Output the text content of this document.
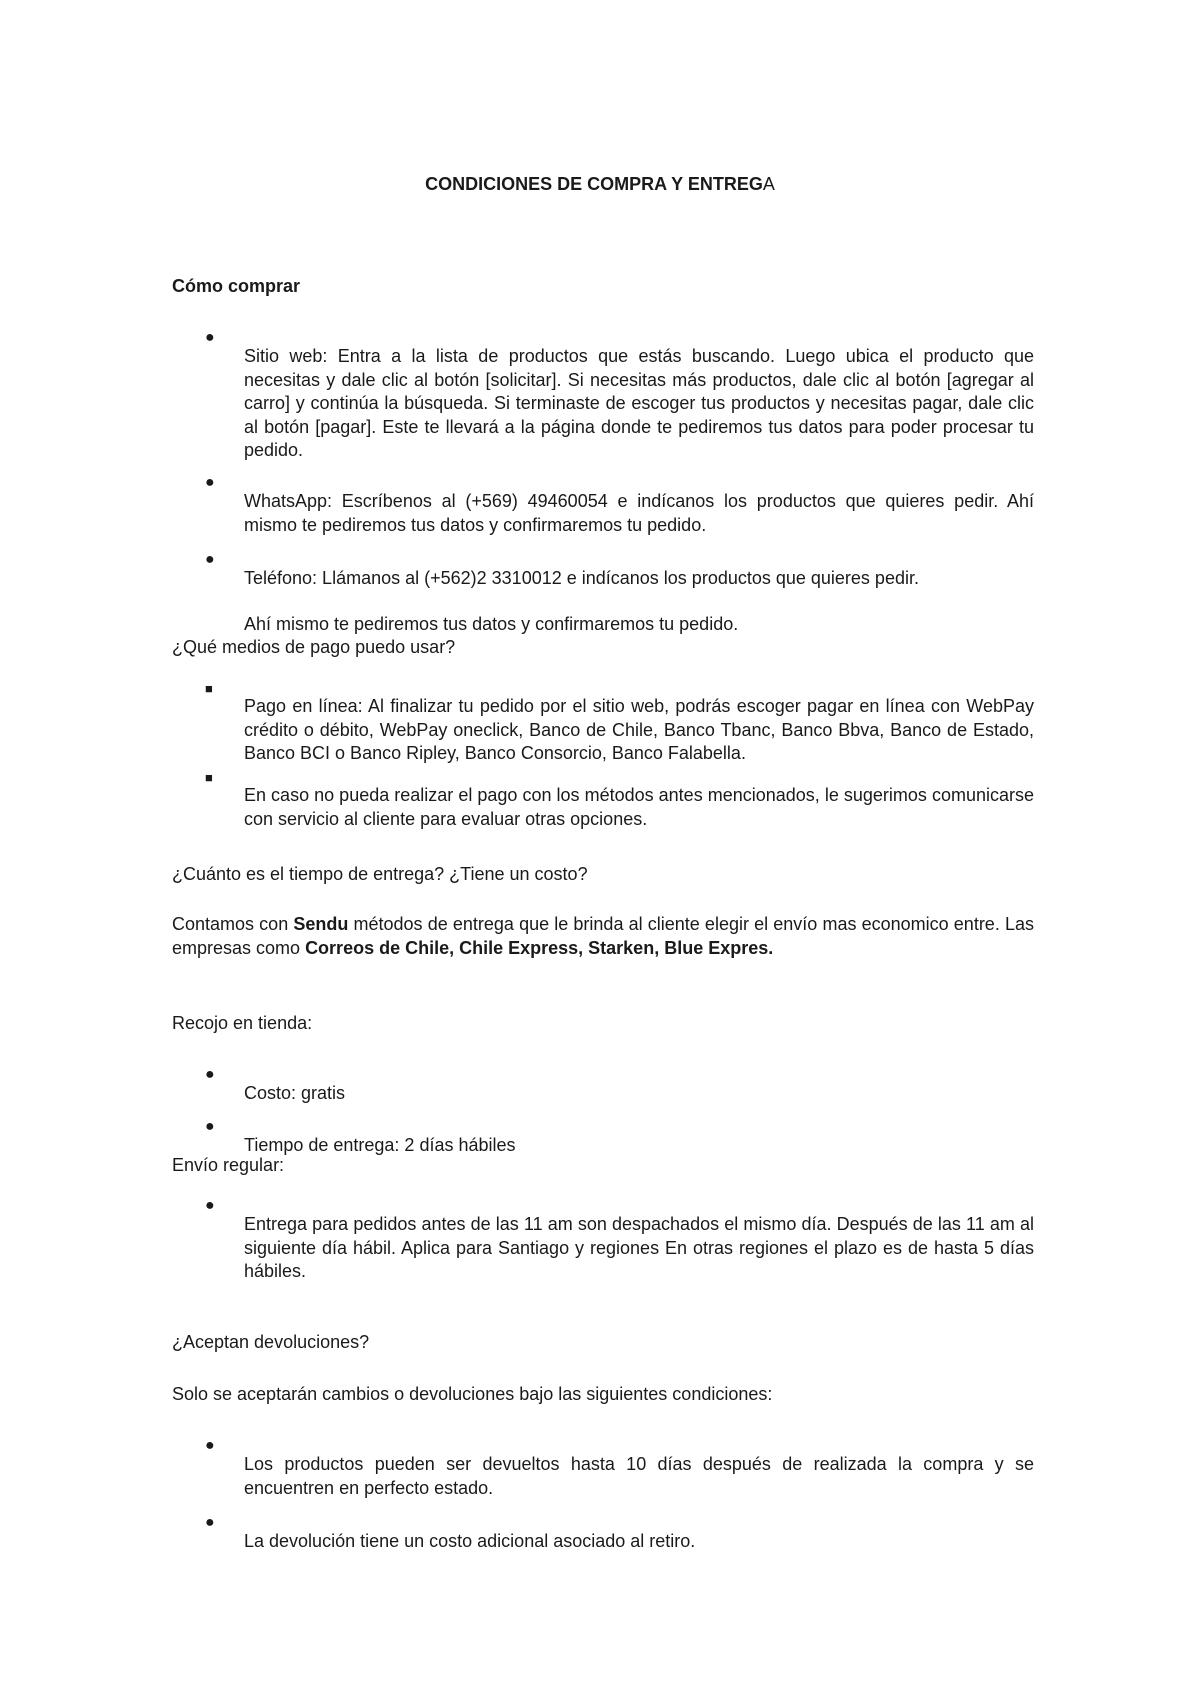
CONDICIONES DE COMPRA Y ENTREGA

Cómo comprar

●

Sitio web: Entra a la lista de productos que estás buscando. Luego ubica el producto que necesitas y dale clic al botón [solicitar]. Si necesitas más productos, dale clic al botón [agregar al carro] y continúa la búsqueda. Si terminaste de escoger tus productos y necesitas pagar, dale clic al botón [pagar]. Este te llevará a la página donde te pediremos tus datos para poder procesar tu pedido.

●

WhatsApp: Escríbenos al (+569) 49460054 e indícanos los productos que quieres pedir. Ahí mismo te pediremos tus datos y confirmaremos tu pedido.

●

Teléfono: Llámanos al (+562)2 3310012 e indícanos los productos que quieres pedir.

Ahí mismo te pediremos tus datos y confirmaremos tu pedido.

¿Qué medios de pago puedo usar?

■

Pago en línea: Al finalizar tu pedido por el sitio web, podrás escoger pagar en línea con WebPay crédito o débito, WebPay oneclick, Banco de Chile, Banco Tbanc, Banco Bbva, Banco de Estado, Banco BCI o Banco Ripley, Banco Consorcio, Banco Falabella.

■

En caso no pueda realizar el pago con los métodos antes mencionados, le sugerimos comunicarse con servicio al cliente para evaluar otras opciones.

¿Cuánto es el tiempo de entrega? ¿Tiene un costo?

Contamos con Sendu métodos de entrega que le brinda al cliente elegir el envío mas economico entre. Las empresas como Correos de Chile, Chile Express, Starken, Blue Expres.

Recojo en tienda:

●

Costo: gratis

●

Tiempo de entrega: 2 días hábiles

Envío regular:

●

Entrega para pedidos antes de las 11 am son despachados el mismo día. Después de las 11 am al siguiente día hábil. Aplica para Santiago y regiones En otras regiones el plazo es de hasta 5 días hábiles.

¿Aceptan devoluciones?

Solo se aceptarán cambios o devoluciones bajo las siguientes condiciones:

●

Los productos pueden ser devueltos hasta 10 días después de realizada la compra y se encuentren en perfecto estado.

●

La devolución tiene un costo adicional asociado al retiro.
